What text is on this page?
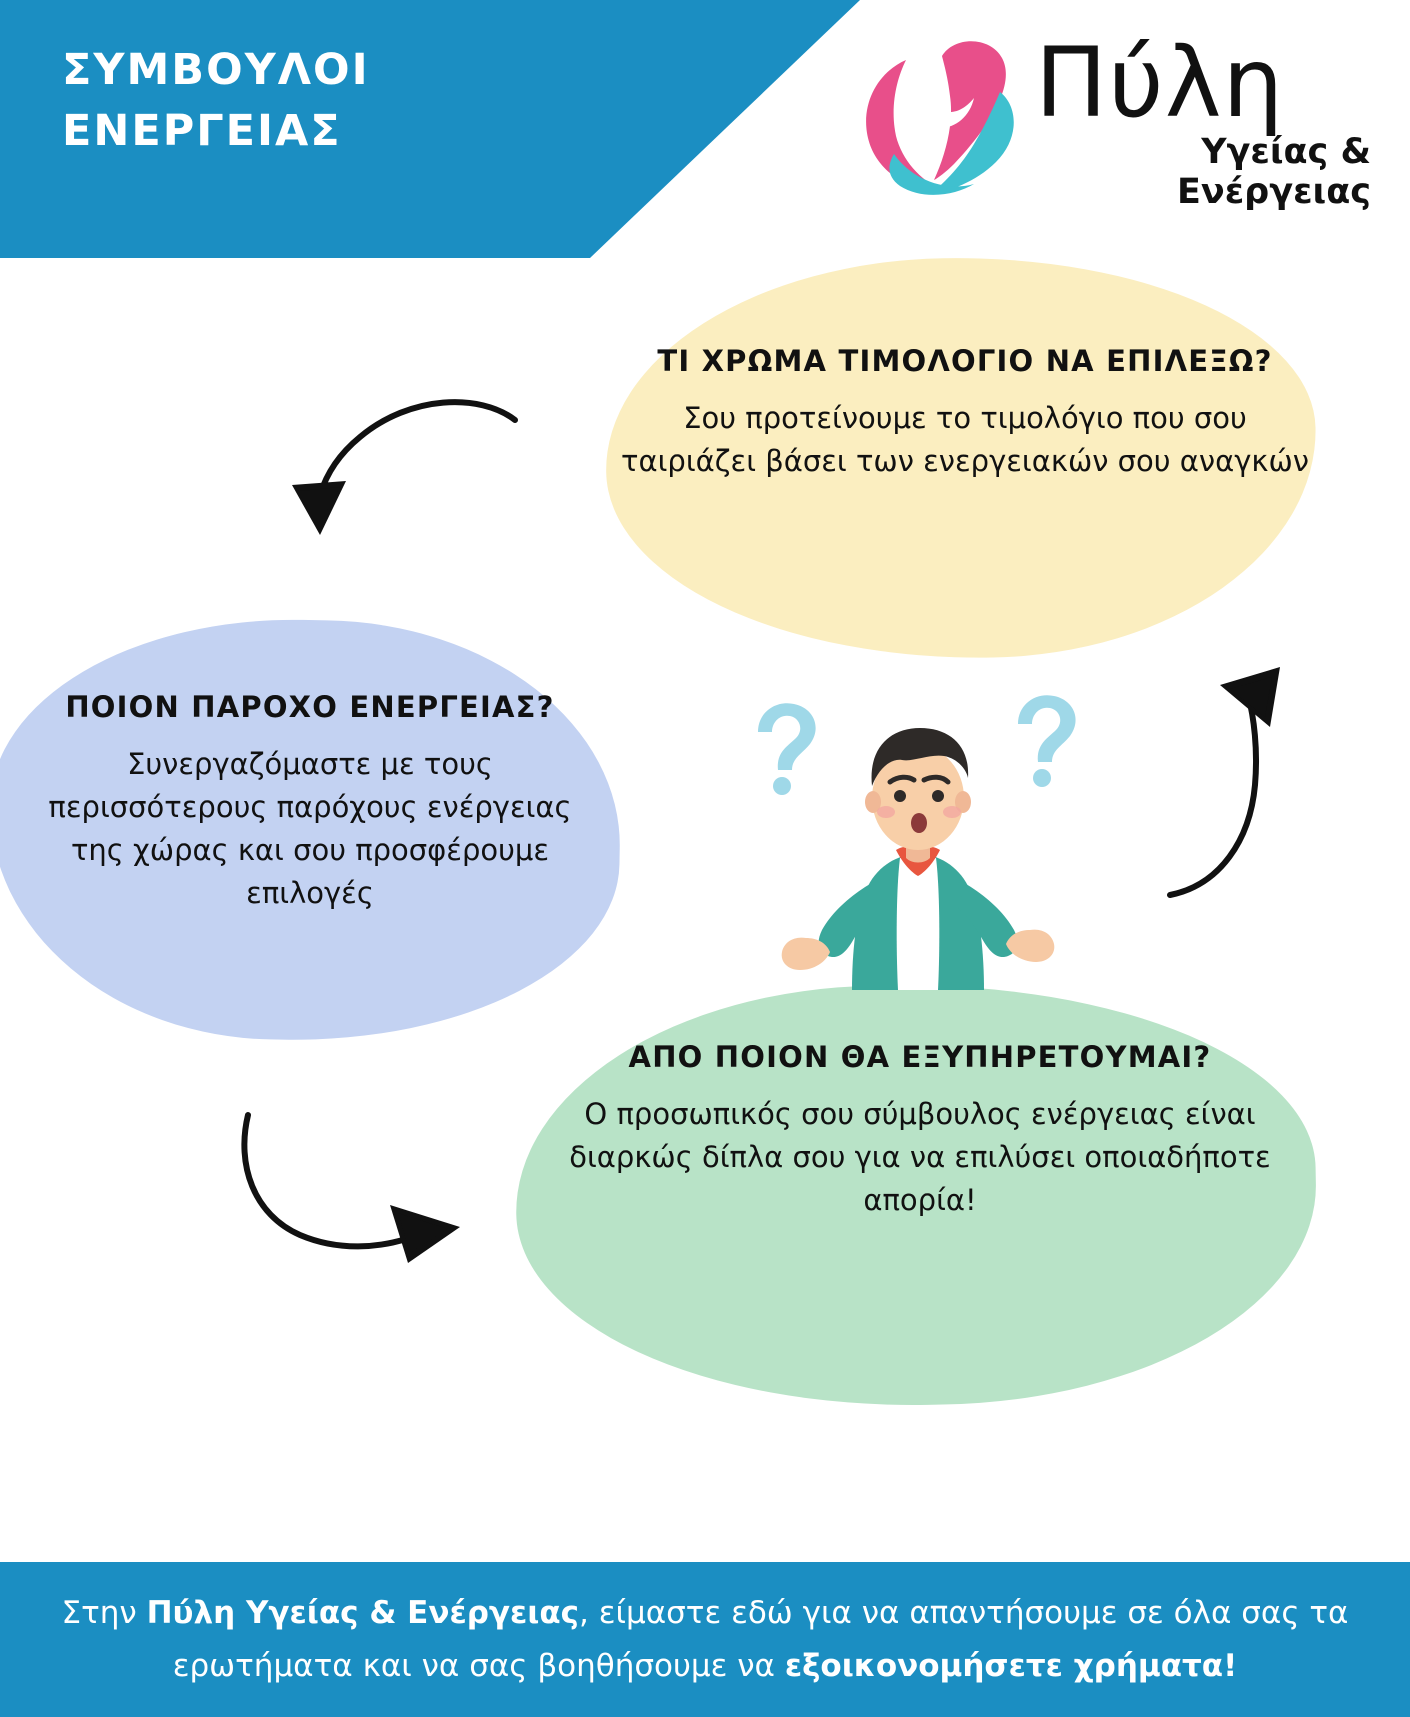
ΣΥΜΒΟΥΛΟΙ
ΕΝΕΡΓΕΙΑΣ	Πύλη
Υγείας & Ενέργειας

ΤΙ ΧΡΩΜΑ ΤΙΜΟΛΟΓΙΟ ΝΑ ΕΠΙΛΕΞΩ?

Σου προτείνουμε το τιμολόγιο που σου ταιριάζει βάσει των ενεργειακών σου αναγκών

ΠΟΙΟΝ ΠΑΡΟΧΟ ΕΝΕΡΓΕΙΑΣ?

Συνεργαζόμαστε με τους περισσότερους παρόχους ενέργειας της χώρας και σου προσφέρουμε επιλογές

ΑΠΟ ΠΟΙΟΝ ΘΑ ΕΞΥΠΗΡΕΤΟΥΜΑΙ?

Ο προσωπικός σου σύμβουλος ενέργειας είναι διαρκώς δίπλα σου για να επιλύσει οποιαδήποτε απορία!

Στην Πύλη Υγείας & Ενέργειας, είμαστε εδώ για να απαντήσουμε σε όλα σας τα ερωτήματα και να σας βοηθήσουμε να εξοικονομήσετε χρήματα!
